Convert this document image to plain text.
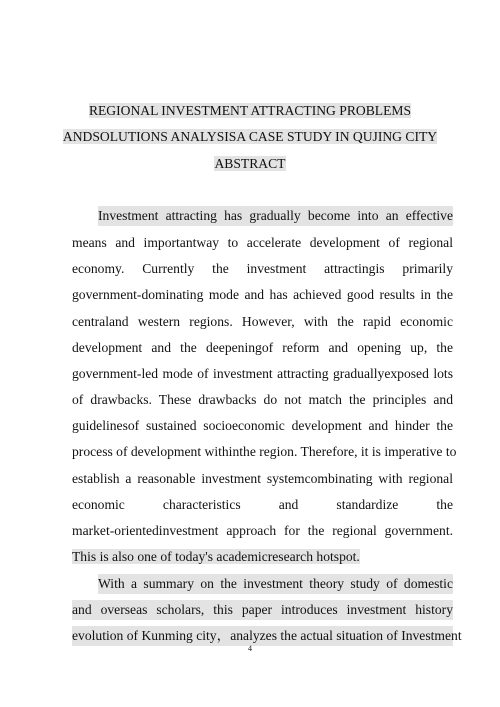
REGIONAL INVESTMENT ATTRACTING PROBLEMS
ANDSOLUTIONS ANALYSISA CASE STUDY IN QUJING CITY
ABSTRACT
Investment attracting has gradually become into an effective
means and importantway to accelerate development of regional
economy. Currently the investment attractingis primarily
government-dominating mode and has achieved good results in the
centraland western regions. However, with the rapid economic
development and the deepeningof reform and opening up, the
government-led mode of investment attracting graduallyexposed lots
of drawbacks. These drawbacks do not match the principles and
guidelinesof sustained socioeconomic development and hinder the
process of development withinthe region. Therefore, it is imperative to
establish a reasonable investment systemcombinating with regional
economic characteristics and standardize the
market-orientedinvestment approach for the regional government.
This is also one of today's academicresearch hotspot.
With a summary on the investment theory study of domestic
and overseas scholars, this paper introduces investment history
evolution of Kunming city，analyzes the actual situation of Investment
4
